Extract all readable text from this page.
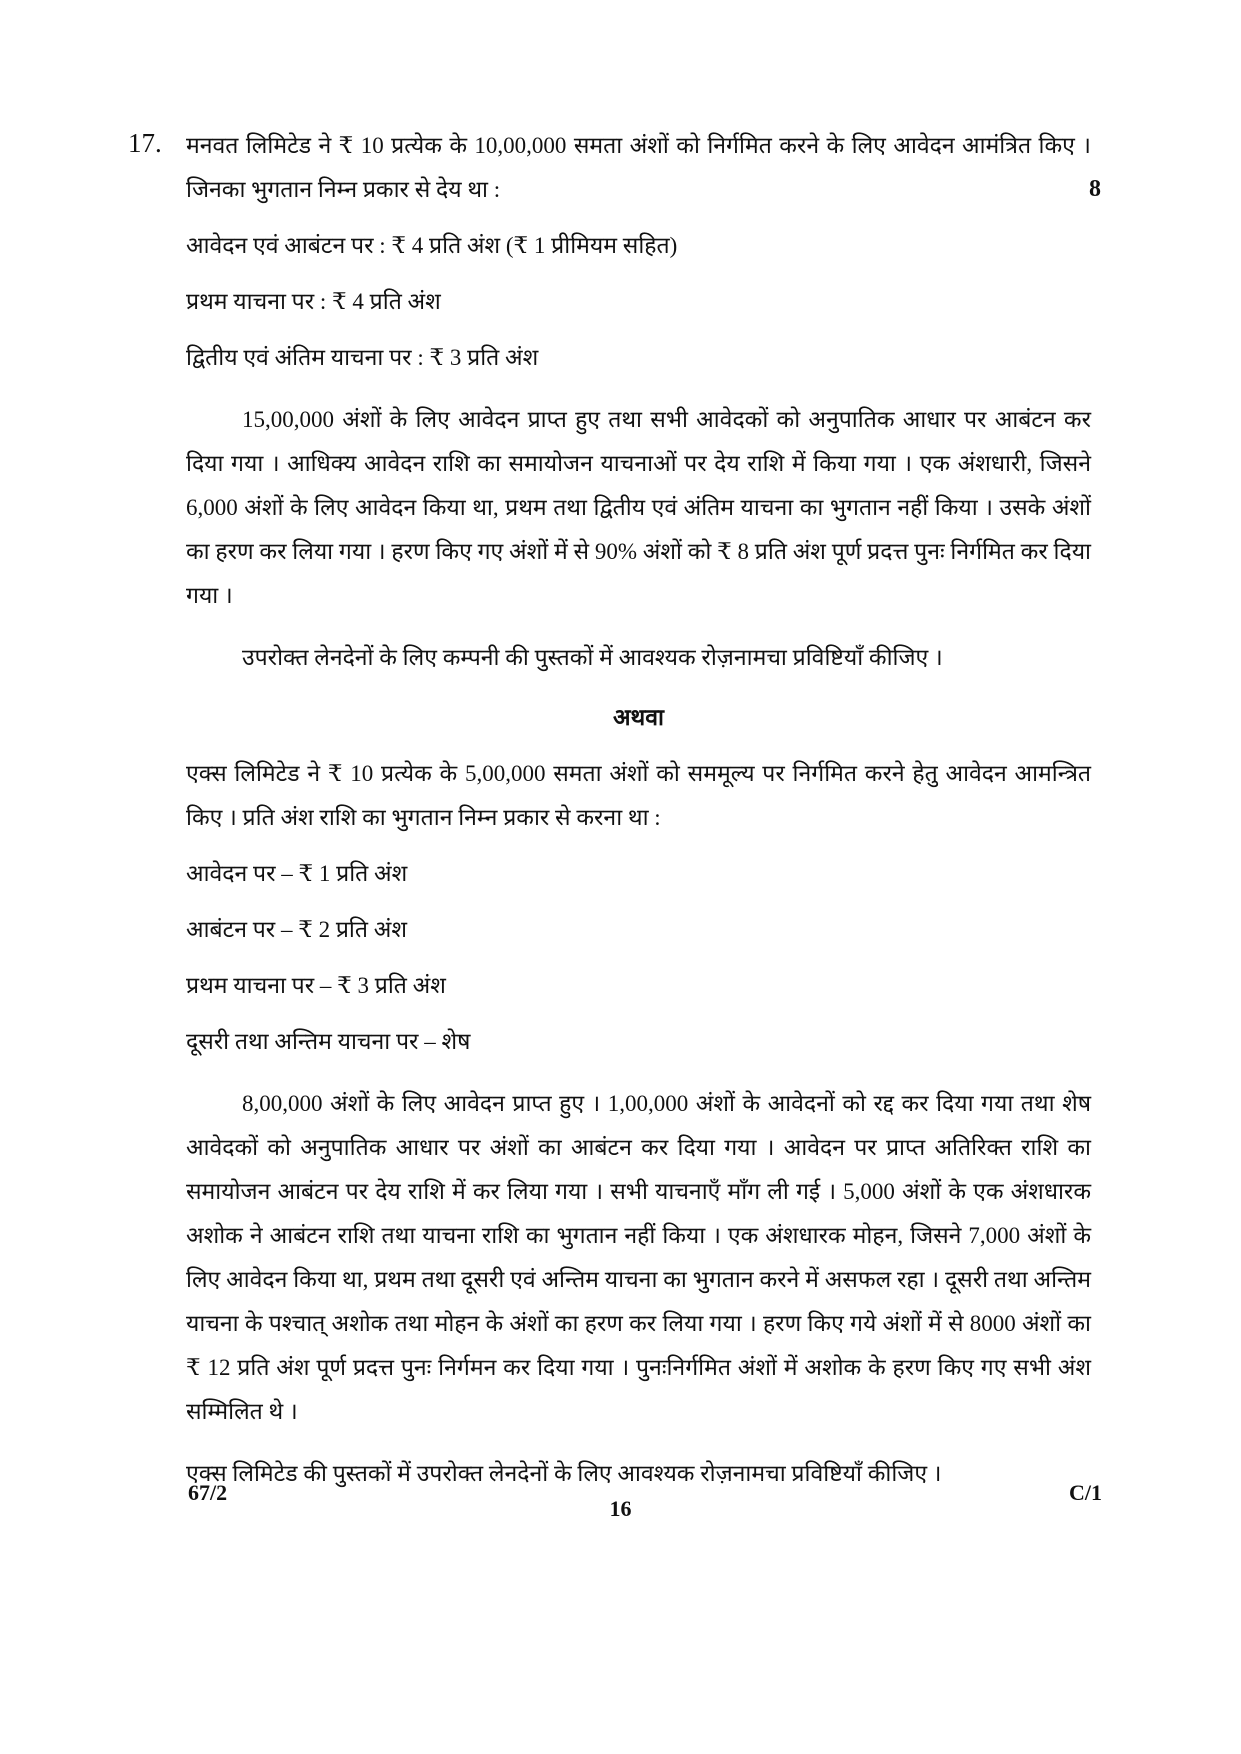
17.
8

मनवत लिमिटेड ने ₹ 10 प्रत्येक के 10,00,000 समता अंशों को निर्गमित करने के लिए आवेदन आमंत्रित किए । जिनका भुगतान निम्न प्रकार से देय था :

आवेदन एवं आबंटन पर : ₹ 4 प्रति अंश (₹ 1 प्रीमियम सहित)

प्रथम याचना पर : ₹ 4 प्रति अंश

द्वितीय एवं अंतिम याचना पर : ₹ 3 प्रति अंश

15,00,000 अंशों के लिए आवेदन प्राप्त हुए तथा सभी आवेदकों को अनुपातिक आधार पर आबंटन कर दिया गया । आधिक्य आवेदन राशि का समायोजन याचनाओं पर देय राशि में किया गया । एक अंशधारी, जिसने 6,000 अंशों के लिए आवेदन किया था, प्रथम तथा द्वितीय एवं अंतिम याचना का भुगतान नहीं किया । उसके अंशों का हरण कर लिया गया । हरण किए गए अंशों में से 90% अंशों को ₹ 8 प्रति अंश पूर्ण प्रदत्त पुनः निर्गमित कर दिया गया ।

उपरोक्त लेनदेनों के लिए कम्पनी की पुस्तकों में आवश्यक रोज़नामचा प्रविष्टियाँ कीजिए ।

अथवा

एक्स लिमिटेड ने ₹ 10 प्रत्येक के 5,00,000 समता अंशों को सममूल्य पर निर्गमित करने हेतु आवेदन आमन्त्रित किए । प्रति अंश राशि का भुगतान निम्न प्रकार से करना था :

आवेदन पर – ₹ 1 प्रति अंश

आबंटन पर – ₹ 2 प्रति अंश

प्रथम याचना पर – ₹ 3 प्रति अंश

दूसरी तथा अन्तिम याचना पर – शेष

8,00,000 अंशों के लिए आवेदन प्राप्त हुए । 1,00,000 अंशों के आवेदनों को रद्द कर दिया गया तथा शेष आवेदकों को अनुपातिक आधार पर अंशों का आबंटन कर दिया गया । आवेदन पर प्राप्त अतिरिक्त राशि का समायोजन आबंटन पर देय राशि में कर लिया गया । सभी याचनाएँ माँग ली गई । 5,000 अंशों के एक अंशधारक अशोक ने आबंटन राशि तथा याचना राशि का भुगतान नहीं किया । एक अंशधारक मोहन, जिसने 7,000 अंशों के लिए आवेदन किया था, प्रथम तथा दूसरी एवं अन्तिम याचना का भुगतान करने में असफल रहा । दूसरी तथा अन्तिम याचना के पश्चात् अशोक तथा मोहन के अंशों का हरण कर लिया गया । हरण किए गये अंशों में से 8000 अंशों का ₹ 12 प्रति अंश पूर्ण प्रदत्त पुनः निर्गमन कर दिया गया । पुनःनिर्गमित अंशों में अशोक के हरण किए गए सभी अंश सम्मिलित थे ।

एक्स लिमिटेड की पुस्तकों में उपरोक्त लेनदेनों के लिए आवश्यक रोज़नामचा प्रविष्टियाँ कीजिए ।

67/2
16
C/1
